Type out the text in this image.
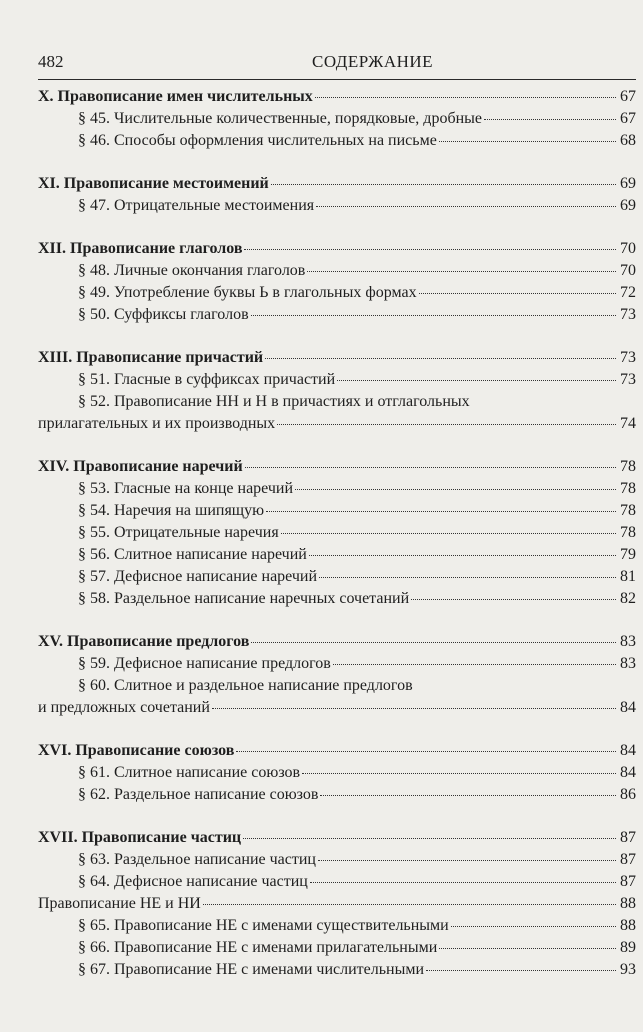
482	СОДЕРЖАНИЕ
X. Правописание имен числительных	67
§ 45. Числительные количественные, порядковые, дробные	67
§ 46. Способы оформления числительных на письме	68
XI. Правописание местоимений	69
§ 47. Отрицательные местоимения	69
XII. Правописание глаголов	70
§ 48. Личные окончания глаголов	70
§ 49. Употребление буквы Ь в глагольных формах	72
§ 50. Суффиксы глаголов	73
XIII. Правописание причастий	73
§ 51. Гласные в суффиксах причастий	73
§ 52. Правописание НН и Н в причастиях и отглагольных
прилагательных и их производных	74
XIV. Правописание наречий	78
§ 53. Гласные на конце наречий	78
§ 54. Наречия на шипящую	78
§ 55. Отрицательные наречия	78
§ 56. Слитное написание наречий	79
§ 57. Дефисное написание наречий	81
§ 58. Раздельное написание наречных сочетаний	82
XV. Правописание предлогов	83
§ 59. Дефисное написание предлогов	83
§ 60. Слитное и раздельное написание предлогов
и предложных сочетаний	84
XVI. Правописание союзов	84
§ 61. Слитное написание союзов	84
§ 62. Раздельное написание союзов	86
XVII. Правописание частиц	87
§ 63. Раздельное написание частиц	87
§ 64. Дефисное написание частиц	87
Правописание НЕ и НИ	88
§ 65. Правописание НЕ с именами существительными	88
§ 66. Правописание НЕ с именами прилагательными	89
§ 67. Правописание НЕ с именами числительными	93
